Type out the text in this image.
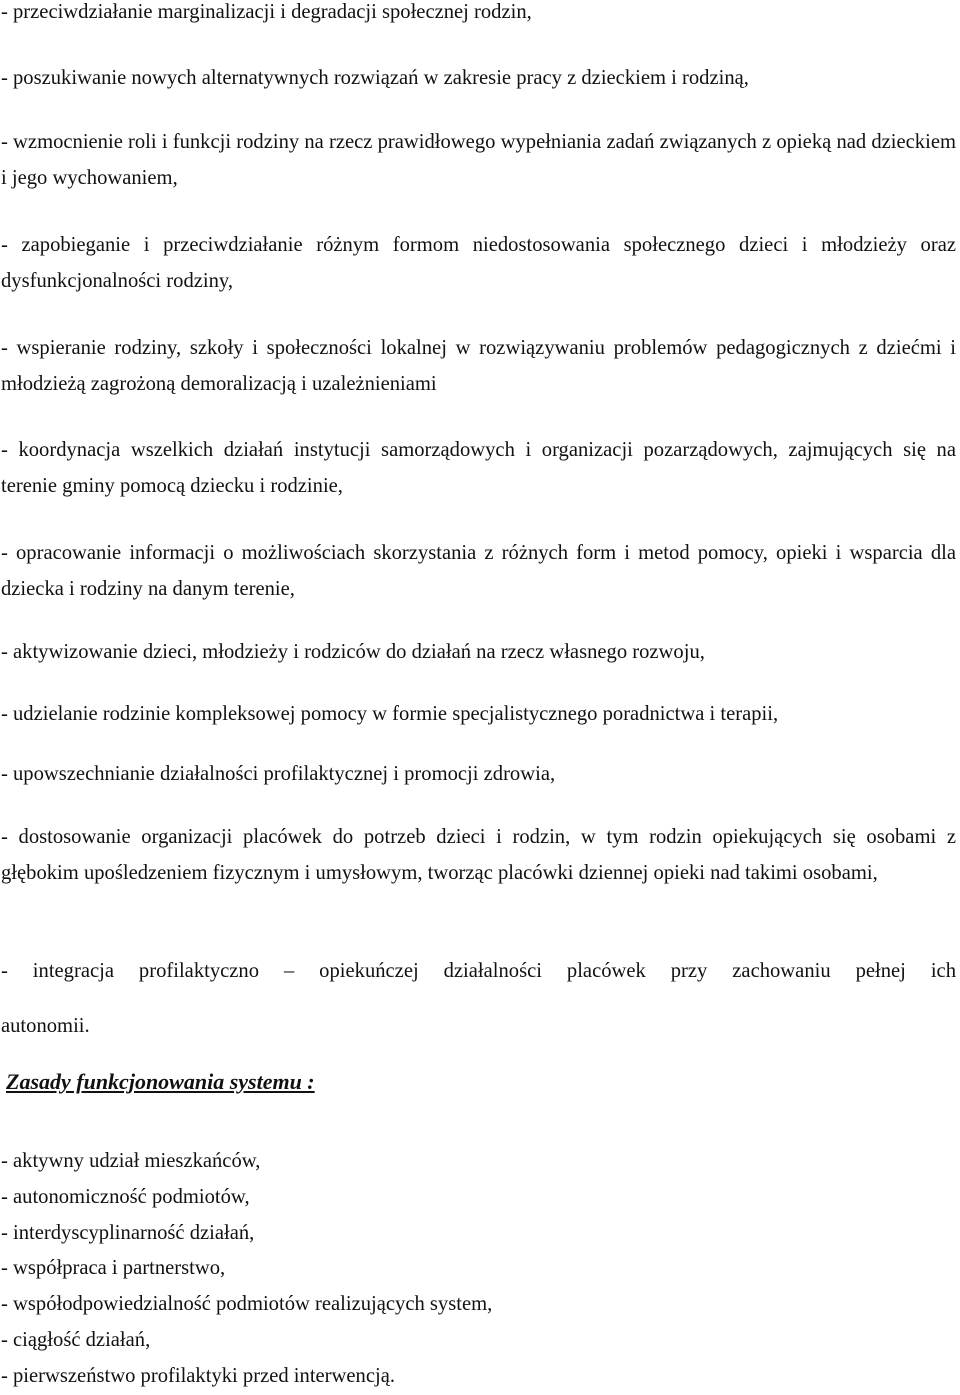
- przeciwdziałanie marginalizacji i degradacji społecznej rodzin,

- poszukiwanie nowych alternatywnych rozwiązań w zakresie pracy z dzieckiem i rodziną,

- wzmocnienie roli i funkcji rodziny na rzecz prawidłowego wypełniania zadań związanych z opieką nad dzieckiem i jego wychowaniem,

- zapobieganie i przeciwdziałanie różnym formom niedostosowania społecznego dzieci i młodzieży oraz dysfunkcjonalności rodziny,

- wspieranie rodziny, szkoły i społeczności lokalnej w rozwiązywaniu problemów pedagogicznych z dziećmi i młodzieżą zagrożoną demoralizacją i uzależnieniami

- koordynacja wszelkich działań instytucji samorządowych i organizacji pozarządowych, zajmujących się na terenie gminy pomocą dziecku i rodzinie,

- opracowanie informacji o możliwościach skorzystania z różnych form i metod pomocy, opieki i wsparcia dla dziecka i rodziny na danym terenie,

- aktywizowanie dzieci, młodzieży i rodziców do działań na rzecz własnego rozwoju,

- udzielanie rodzinie kompleksowej pomocy w formie specjalistycznego poradnictwa i terapii,

- upowszechnianie działalności profilaktycznej i promocji zdrowia,

- dostosowanie organizacji placówek do potrzeb dzieci i rodzin, w tym rodzin opiekujących się osobami z głębokim upośledzeniem fizycznym i umysłowym, tworząc placówki dziennej opieki nad takimi osobami,

- integracja profilaktyczno – opiekuńczej działalności placówek przy zachowaniu pełnej ich

autonomii.

Zasady funkcjonowania systemu :
- aktywny udział mieszkańców,
- autonomiczność podmiotów,
- interdyscyplinarność działań,
- współpraca i partnerstwo,
- współodpowiedzialność podmiotów realizujących system,
- ciągłość działań,
- pierwszeństwo profilaktyki przed interwencją.
